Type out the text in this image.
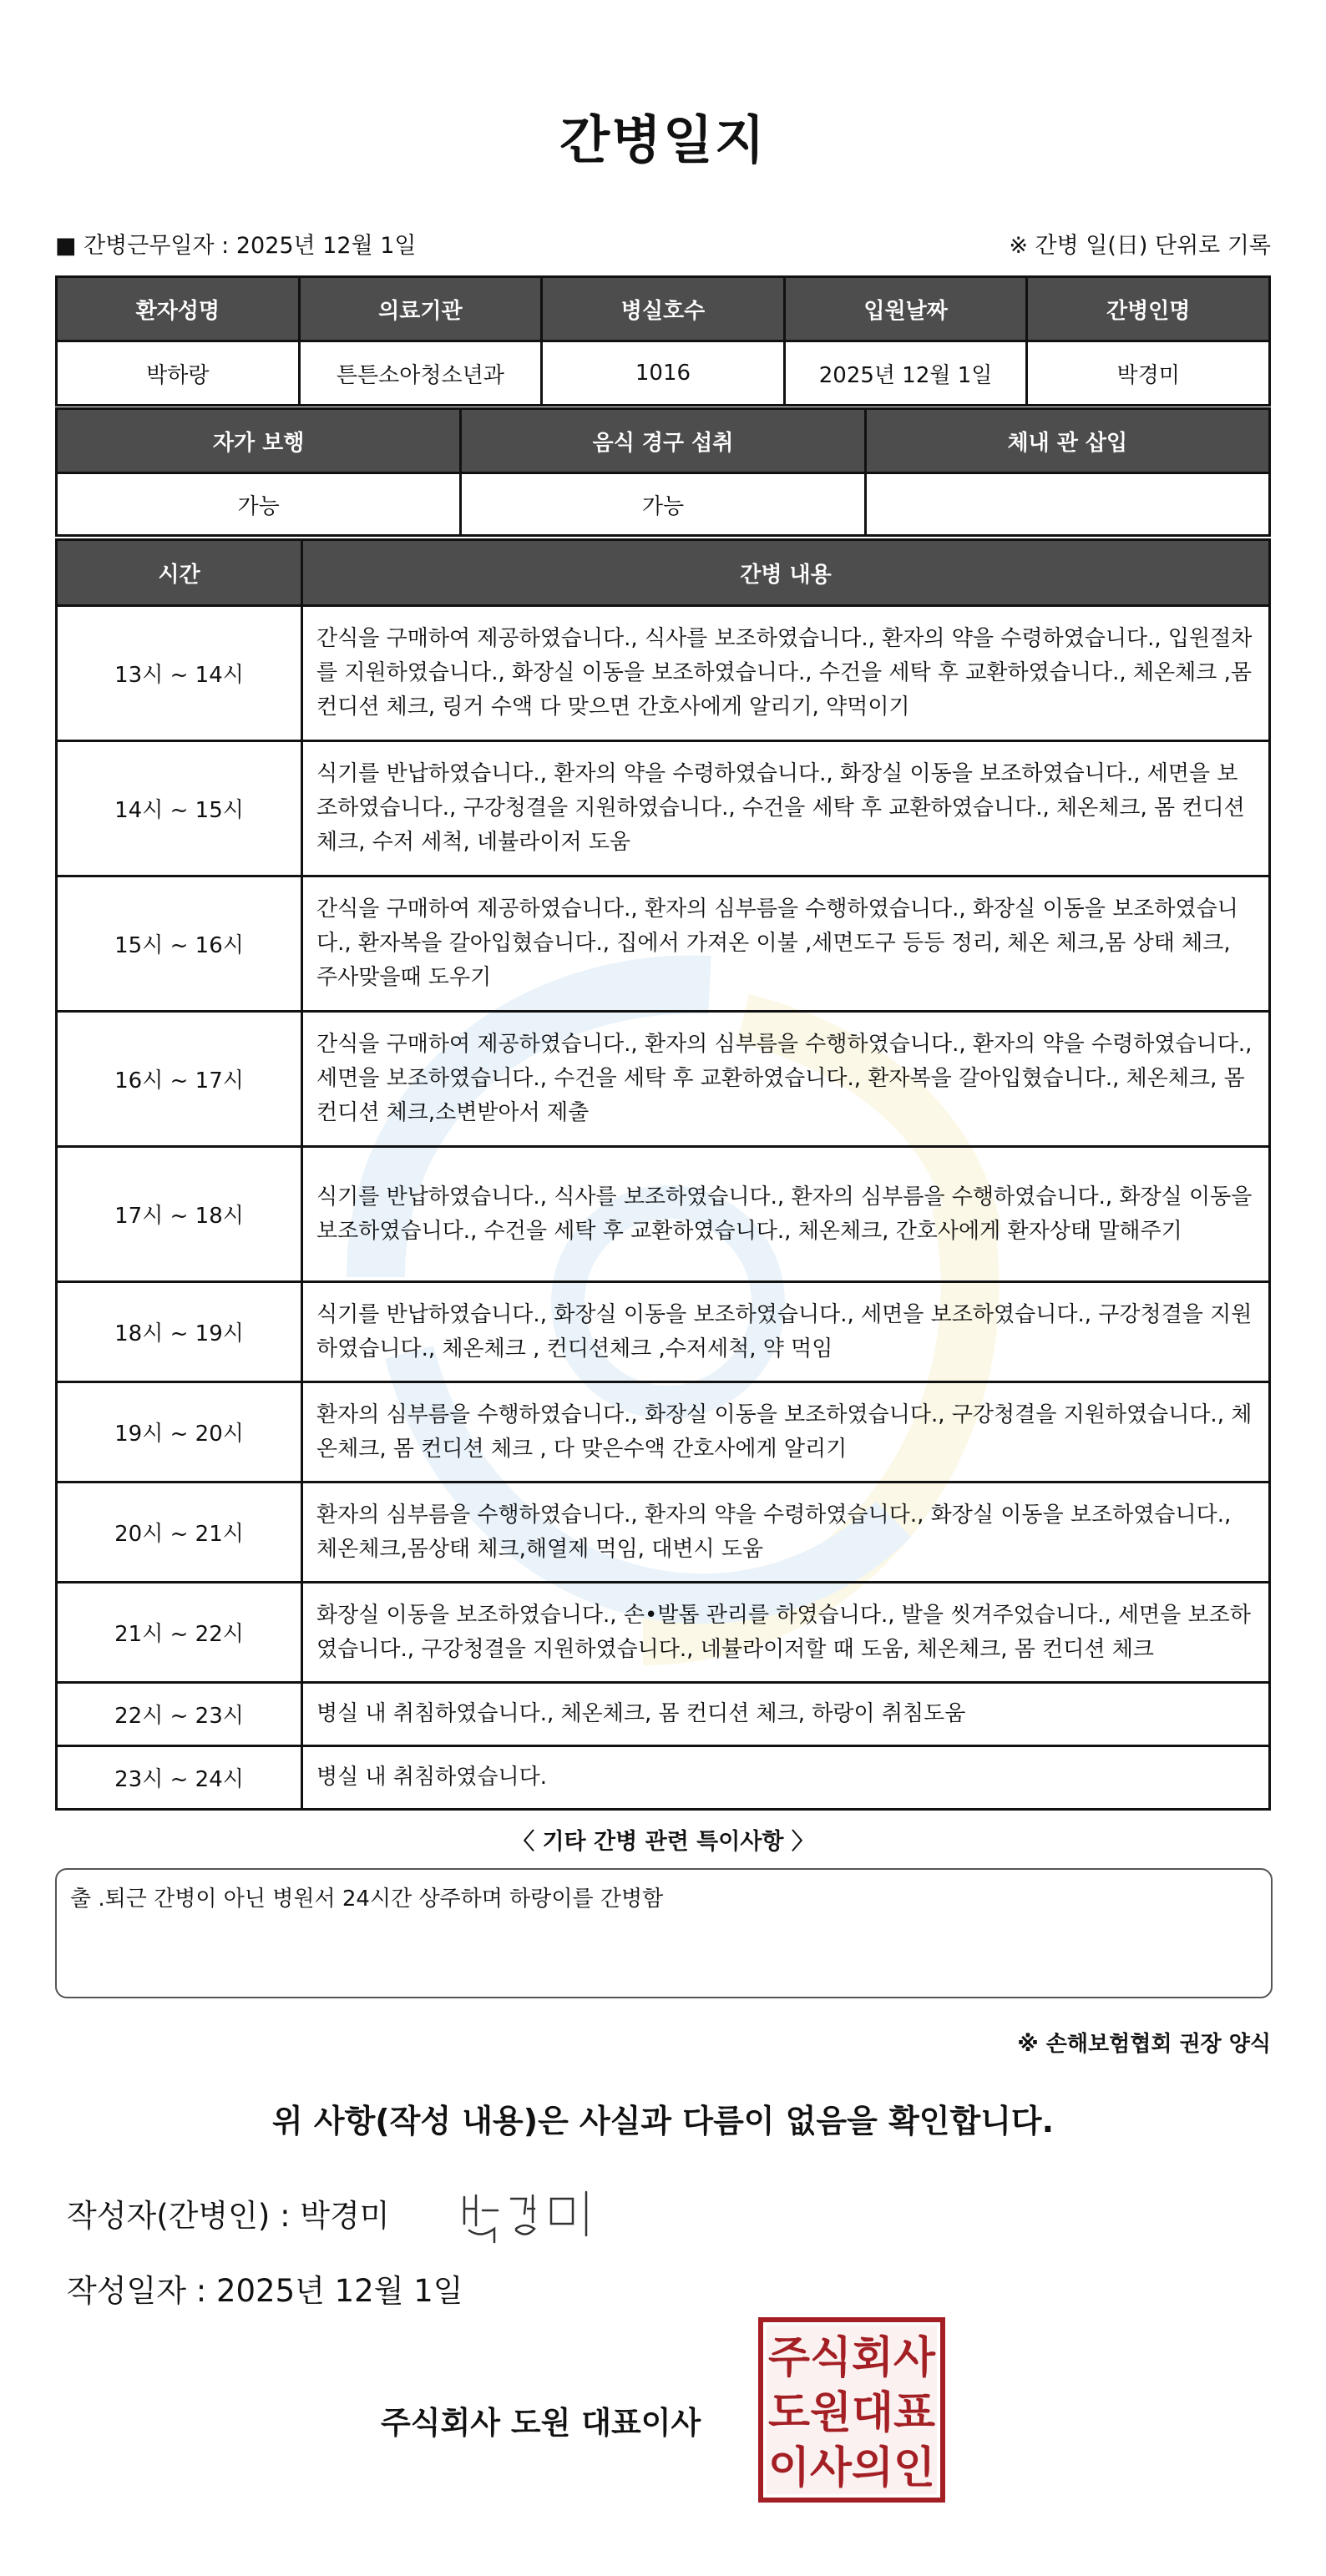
간병일지
■ 간병근무일자 : 2025년 12월 1일	※ 간병 일(日) 단위로 기록
환자성명	의료기관	병실호수	입원날짜	간병인명
박하랑	튼튼소아청소년과	1016	2025년 12월 1일	박경미
자가 보행	음식 경구 섭취	체내 관 삽입
가능	가능	
시간	간병 내용
13시 ~ 14시	간식을 구매하여 제공하였습니다., 식사를 보조하였습니다., 환자의 약을 수령하였습니다., 입원절차를 지원하였습니다., 화장실 이동을 보조하였습니다., 수건을 세탁 후 교환하였습니다., 체온체크 ,몸 컨디션 체크, 링거 수액 다 맞으면 간호사에게 알리기, 약먹이기
14시 ~ 15시	식기를 반납하였습니다., 환자의 약을 수령하였습니다., 화장실 이동을 보조하였습니다., 세면을 보조하였습니다., 구강청결을 지원하였습니다., 수건을 세탁 후 교환하였습니다., 체온체크, 몸 컨디션체크, 수저 세척, 네뷸라이저 도움
15시 ~ 16시	간식을 구매하여 제공하였습니다., 환자의 심부름을 수행하였습니다., 화장실 이동을 보조하였습니다., 환자복을 갈아입혔습니다., 집에서 가져온 이불 ,세면도구 등등 정리, 체온 체크,몸 상태 체크, 주사맞을때 도우기
16시 ~ 17시	간식을 구매하여 제공하였습니다., 환자의 심부름을 수행하였습니다., 환자의 약을 수령하였습니다., 세면을 보조하였습니다., 수건을 세탁 후 교환하였습니다., 환자복을 갈아입혔습니다., 체온체크, 몸 컨디션 체크,소변받아서 제출
17시 ~ 18시	식기를 반납하였습니다., 식사를 보조하였습니다., 환자의 심부름을 수행하였습니다., 화장실 이동을 보조하였습니다., 수건을 세탁 후 교환하였습니다., 체온체크, 간호사에게 환자상태 말해주기
18시 ~ 19시	식기를 반납하였습니다., 화장실 이동을 보조하였습니다., 세면을 보조하였습니다., 구강청결을 지원하였습니다., 체온체크 , 컨디션체크 ,수저세척, 약 먹임
19시 ~ 20시	환자의 심부름을 수행하였습니다., 화장실 이동을 보조하였습니다., 구강청결을 지원하였습니다., 체온체크, 몸 컨디션 체크 , 다 맞은수액 간호사에게 알리기
20시 ~ 21시	환자의 심부름을 수행하였습니다., 환자의 약을 수령하였습니다., 화장실 이동을 보조하였습니다., 체온체크,몸상태 체크,해열제 먹임, 대변시 도움
21시 ~ 22시	화장실 이동을 보조하였습니다., 손•발톱 관리를 하였습니다., 발을 씻겨주었습니다., 세면을 보조하였습니다., 구강청결을 지원하였습니다., 네뷸라이저할 때 도움, 체온체크, 몸 컨디션 체크
22시 ~ 23시	병실 내 취침하였습니다., 체온체크, 몸 컨디션 체크, 하랑이 취침도움
23시 ~ 24시	병실 내 취침하였습니다.
〈 기타 간병 관련 특이사항 〉
출 .퇴근 간병이 아닌 병원서 24시간 상주하며 하랑이를 간병함
※ 손해보험협회 권장 양식
위 사항(작성 내용)은 사실과 다름이 없음을 확인합니다.
작성자(간병인) : 박경미
작성일자 : 2025년 12월 1일
주식회사 도원 대표이사
주식회사
도원대표
이사의인
